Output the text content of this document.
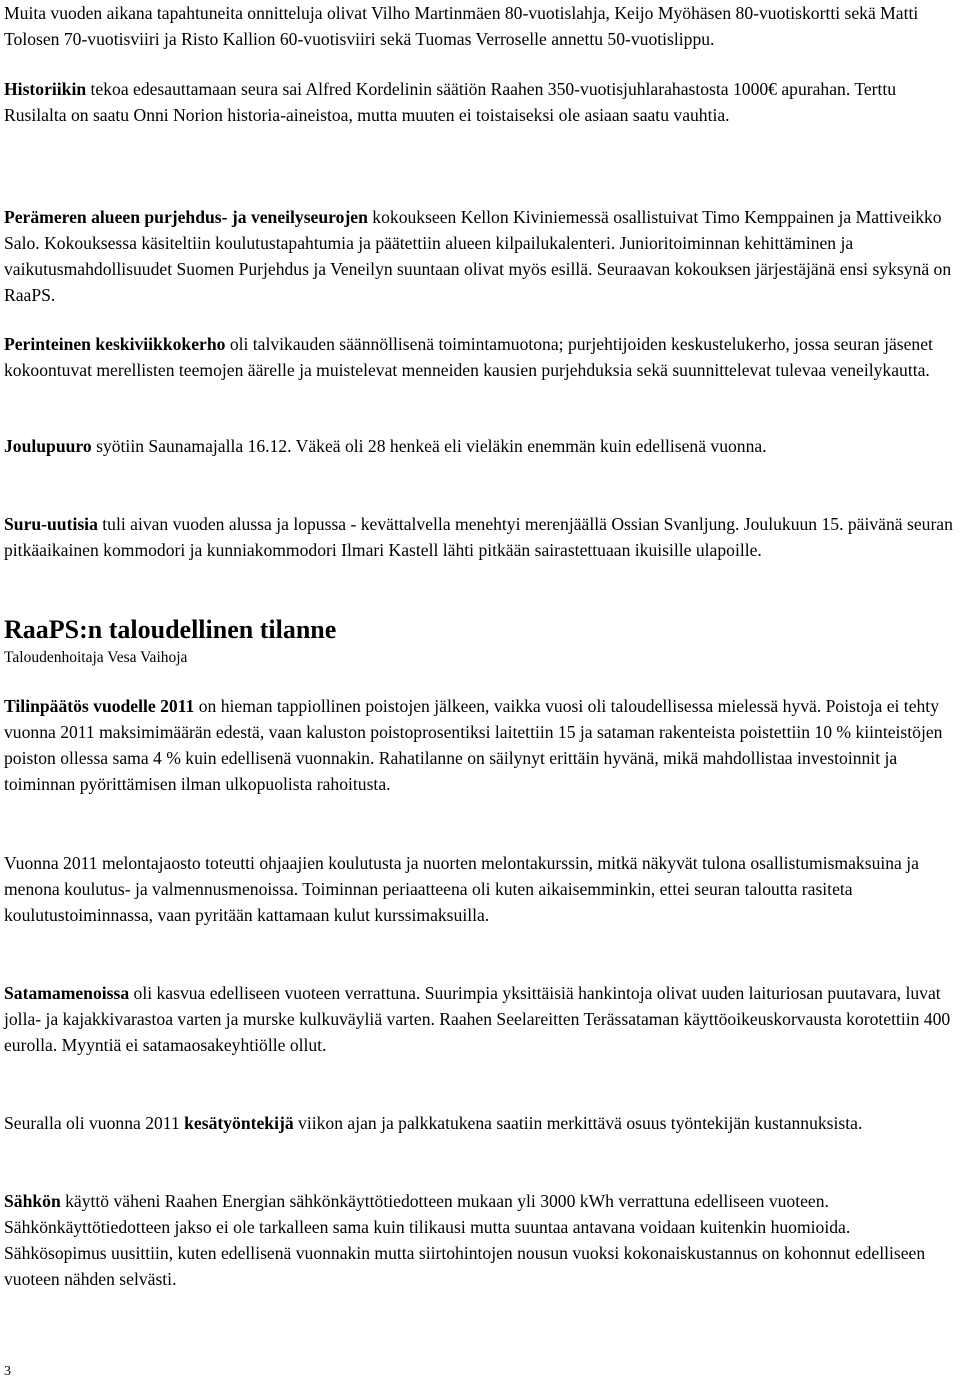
Muita vuoden aikana tapahtuneita onnitteluja olivat Vilho Martinmäen 80-vuotislahja, Keijo Myöhäsen 80-vuotiskortti sekä Matti Tolosen 70-vuotisviiri ja Risto Kallion 60-vuotisviiri sekä Tuomas Verroselle annettu 50-vuotislippu.

Historiikin tekoa edesauttamaan seura sai Alfred Kordelinin säätiön Raahen 350-vuotisjuhlarahastosta 1000€ apurahan. Terttu Rusilalta on saatu Onni Norion historia-aineistoa, mutta muuten ei toistaiseksi ole asiaan saatu vauhtia.

Perämeren alueen purjehdus- ja veneilyseurojen kokoukseen Kellon Kiviniemessä osallistuivat Timo Kemppainen ja Mattiveikko Salo. Kokouksessa käsiteltiin koulutustapahtumia ja päätettiin alueen kilpailukalenteri. Junioritoiminnan kehittäminen ja vaikutusmahdollisuudet Suomen Purjehdus ja Veneilyn suuntaan olivat myös esillä. Seuraavan kokouksen järjestäjänä ensi syksynä on RaaPS.

Perinteinen keskiviikkokerho oli talvikauden säännöllisenä toimintamuotona; purjehtijoiden keskustelukerho, jossa seuran jäsenet kokoontuvat merellisten teemojen äärelle ja muistelevat menneiden kausien purjehduksia sekä suunnittelevat tulevaa veneilykautta.

Joulupuuro syötiin Saunamajalla 16.12. Väkeä oli 28 henkeä eli vieläkin enemmän kuin edellisenä vuonna.

Suru-uutisia tuli aivan vuoden alussa ja lopussa - kevättalvella menehtyi merenjäällä Ossian Svanljung. Joulukuun 15. päivänä seuran pitkäaikainen kommodori ja kunniakommodori Ilmari Kastell lähti pitkään sairastettuaan ikuisille ulapoille.

RaaPS:n taloudellinen tilanne

Taloudenhoitaja Vesa Vaihoja

Tilinpäätös vuodelle 2011 on hieman tappiollinen poistojen jälkeen, vaikka vuosi oli taloudellisessa mielessä hyvä. Poistoja ei tehty vuonna 2011 maksimimäärän edestä, vaan kaluston poistoprosentiksi laitettiin 15 ja sataman rakenteista poistettiin 10 % kiinteistöjen poiston ollessa sama 4 % kuin edellisenä vuonnakin. Rahatilanne on säilynyt erittäin hyvänä, mikä mahdollistaa investoinnit ja toiminnan pyörittämisen ilman ulkopuolista rahoitusta.

Vuonna 2011 melontajaosto toteutti ohjaajien koulutusta ja nuorten melontakurssin, mitkä näkyvät tulona osallistumismaksuina ja menona koulutus- ja valmennusmenoissa. Toiminnan periaatteena oli kuten aikaisemminkin, ettei seuran taloutta rasiteta koulutustoiminnassa, vaan pyritään kattamaan kulut kurssimaksuilla.

Satamamenoissa oli kasvua edelliseen vuoteen verrattuna. Suurimpia yksittäisiä hankintoja olivat uuden laituriosan puutavara, luvat jolla- ja kajakkivarastoa varten ja murske kulkuväyliä varten. Raahen Seelareitten Terässataman käyttöoikeuskorvausta korotettiin 400 eurolla. Myyntiä ei satamaosakeyhtiölle ollut.

Seuralla oli vuonna 2011 kesätyöntekijä viikon ajan ja palkkatukena saatiin merkittävä osuus työntekijän kustannuksista.

Sähkön käyttö väheni Raahen Energian sähkönkäyttötiedotteen mukaan yli 3000 kWh verrattuna edelliseen vuoteen. Sähkönkäyttötiedotteen jakso ei ole tarkalleen sama kuin tilikausi mutta suuntaa antavana voidaan kuitenkin huomioida. Sähkösopimus uusittiin, kuten edellisenä vuonnakin mutta siirtohintojen nousun vuoksi kokonaiskustannus on kohonnut edelliseen vuoteen nähden selvästi.

3
